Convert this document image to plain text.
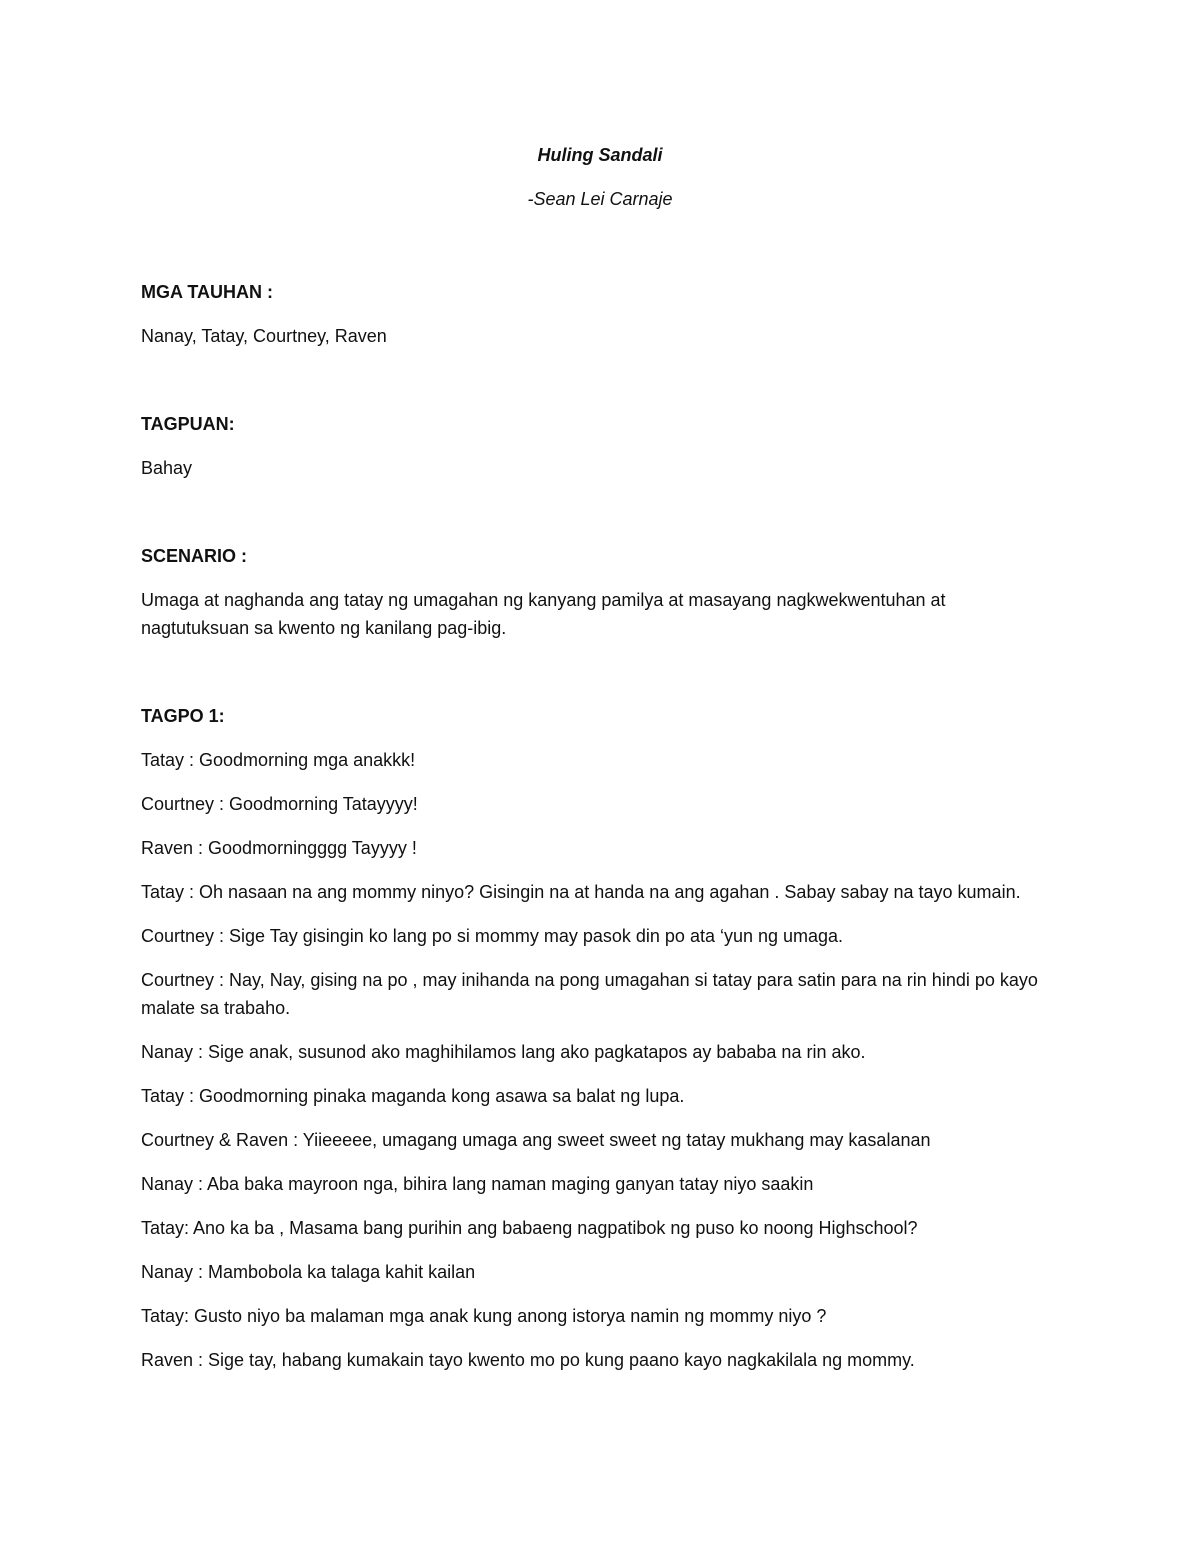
Huling Sandali
-Sean Lei Carnaje

MGA TAUHAN :

Nanay, Tatay, Courtney, Raven

TAGPUAN:

Bahay

SCENARIO :

Umaga at naghanda ang tatay ng umagahan ng kanyang pamilya at masayang nagkwekwentuhan at nagtutuksuan sa kwento ng kanilang pag-ibig.

TAGPO 1:

Tatay : Goodmorning mga anakkk!

Courtney : Goodmorning Tatayyyy!

Raven : Goodmorningggg Tayyyy !

Tatay : Oh nasaan na ang mommy ninyo? Gisingin na at handa na ang agahan . Sabay sabay na tayo kumain.

Courtney : Sige Tay gisingin ko lang po si mommy may pasok din po ata ‘yun ng umaga.

Courtney : Nay, Nay, gising na po , may inihanda na pong umagahan si tatay para satin para na rin hindi po kayo malate sa trabaho.

Nanay : Sige anak, susunod ako maghihilamos lang ako pagkatapos ay bababa na rin ako.

Tatay : Goodmorning pinaka maganda kong asawa sa balat ng lupa.

Courtney & Raven : Yiieeeee, umagang umaga ang sweet sweet ng tatay mukhang may kasalanan

Nanay : Aba baka mayroon nga, bihira lang naman maging ganyan tatay niyo saakin

Tatay: Ano ka ba , Masama bang purihin ang babaeng nagpatibok ng puso ko noong Highschool?

Nanay : Mambobola ka talaga kahit kailan

Tatay: Gusto niyo ba malaman mga anak kung anong istorya namin ng mommy niyo ?

Raven : Sige tay, habang kumakain tayo kwento mo po kung paano kayo nagkakilala ng mommy.
